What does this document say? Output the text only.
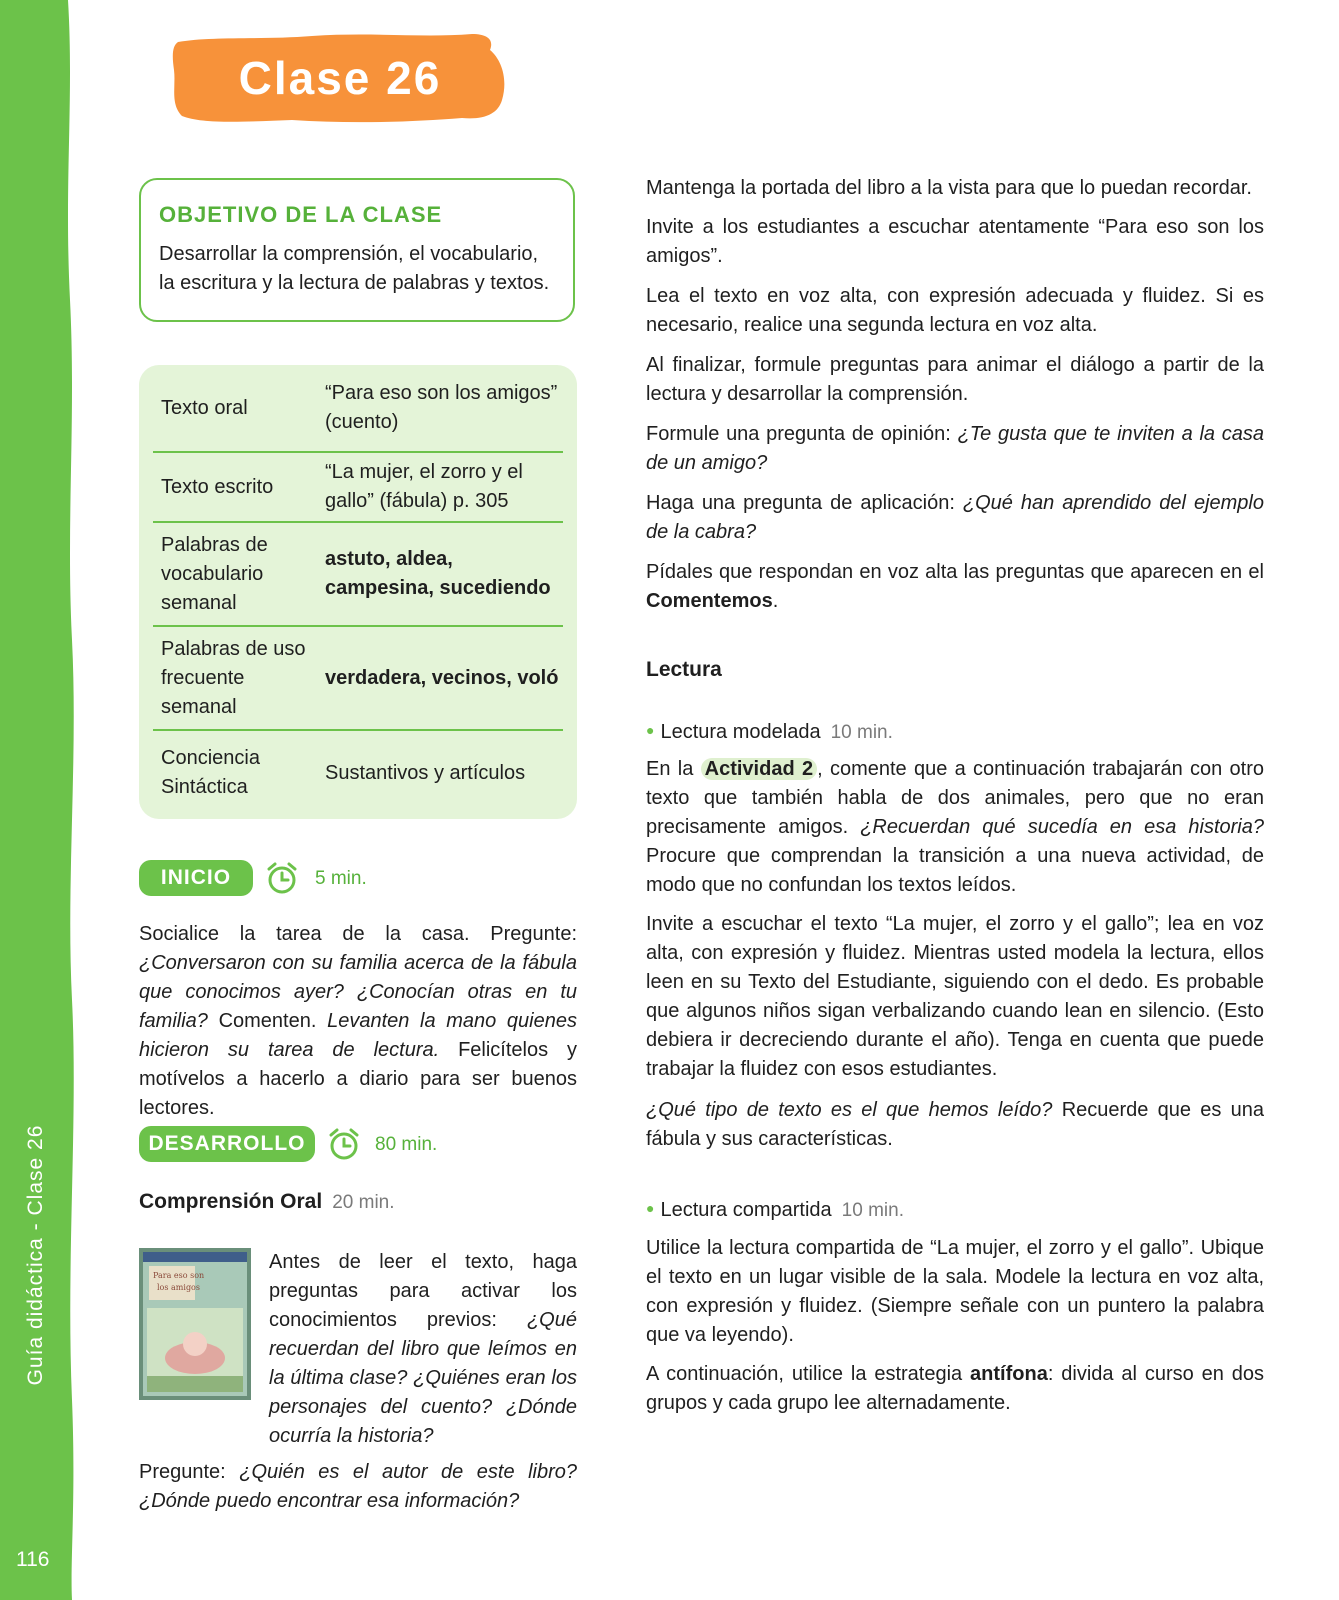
Guía didáctica - Clase 26
116
Clase 26
OBJETIVO DE LA CLASE

Desarrollar la comprensión, el vocabulario, la escritura y la lectura de palabras y textos.

Texto oral
“Para eso son los amigos” (cuento)
Texto escrito
“La mujer, el zorro y el gallo” (fábula) p. 305
Palabras de vocabulario semanal
astuto, aldea, campesina, sucediendo
Palabras de uso frecuente semanal
verdadera, vecinos, voló
Conciencia Sintáctica
Sustantivos y artículos
INICIO	5 min.

Socialice la tarea de la casa. Pregunte: ¿Conversaron con su familia acerca de la fábula que conocimos ayer? ¿Conocían otras en tu familia? Comenten. Levanten la mano quienes hicieron su tarea de lectura. Felicítelos y motívelos a hacerlo a diario para ser buenos lectores.

DESARROLLO	80 min.
Comprensión Oral 20 min.
Para eso son
los amigos

Antes de leer el texto, haga preguntas para activar los conocimientos previos: ¿Qué recuerdan del libro que leímos en la última clase? ¿Quiénes eran los personajes del cuento? ¿Dónde ocurría la historia?

Pregunte: ¿Quién es el autor de este libro? ¿Dónde puedo encontrar esa información?

Mantenga la portada del libro a la vista para que lo puedan recordar.

Invite a los estudiantes a escuchar atentamente “Para eso son los amigos”.

Lea el texto en voz alta, con expresión adecuada y fluidez. Si es necesario, realice una segunda lectura en voz alta.

Al finalizar, formule preguntas para animar el diálogo a partir de la lectura y desarrollar la comprensión.

Formule una pregunta de opinión: ¿Te gusta que te inviten a la casa de un amigo?

Haga una pregunta de aplicación: ¿Qué han aprendido del ejemplo de la cabra?

Pídales que respondan en voz alta las preguntas que aparecen en el Comentemos.

Lectura
● Lectura modelada 10 min.

En la Actividad 2 , comente que a continuación trabajarán con otro texto que también habla de dos animales, pero que no eran precisamente amigos. ¿Recuerdan qué sucedía en esa historia? Procure que comprendan la transición a una nueva actividad, de modo que no confundan los textos leídos.

Invite a escuchar el texto “La mujer, el zorro y el gallo”; lea en voz alta, con expresión y fluidez. Mientras usted modela la lectura, ellos leen en su Texto del Estudiante, siguiendo con el dedo. Es probable que algunos niños sigan verbalizando cuando lean en silencio. (Esto debiera ir decreciendo durante el año). Tenga en cuenta que puede trabajar la fluidez con esos estudiantes.

¿Qué tipo de texto es el que hemos leído? Recuerde que es una fábula y sus características.

● Lectura compartida 10 min.

Utilice la lectura compartida de “La mujer, el zorro y el gallo”. Ubique el texto en un lugar visible de la sala. Modele la lectura en voz alta, con expresión y fluidez. (Siempre señale con un puntero la palabra que va leyendo).

A continuación, utilice la estrategia antífona: divida al curso en dos grupos y cada grupo lee alternadamente.
